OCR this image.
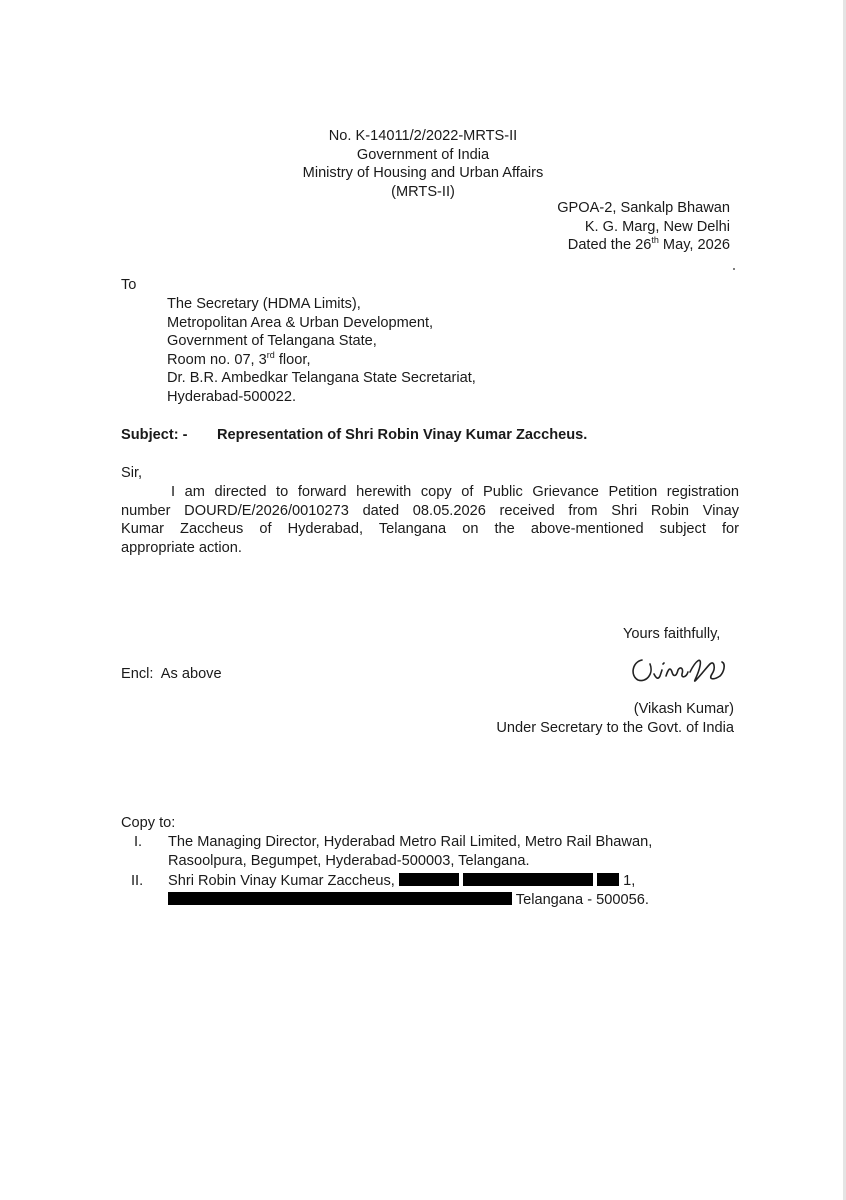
No. K-14011/2/2022-MRTS-II
Government of India
Ministry of Housing and Urban Affairs
(MRTS-II)
GPOA-2, Sankalp Bhawan
K. G. Marg, New Delhi
Dated the 26th May, 2026
To
The Secretary (HDMA Limits),
Metropolitan Area & Urban Development,
Government of Telangana State,
Room no. 07, 3rd floor,
Dr. B.R. Ambedkar Telangana State Secretariat,
Hyderabad-500022.
Subject: - Representation of Shri Robin Vinay Kumar Zaccheus.
Sir,
I am directed to forward herewith copy of Public Grievance Petition registration
number DOURD/E/2026/0010273 dated 08.05.2026 received from Shri Robin Vinay
Kumar Zaccheus of Hyderabad, Telangana on the above-mentioned subject for
appropriate action.
Yours faithfully,
Encl:  As above
(Vikash Kumar)
Under Secretary to the Govt. of India
Copy to:
I. The Managing Director, Hyderabad Metro Rail Limited, Metro Rail Bhawan,
Rasoolpura, Begumpet, Hyderabad-500003, Telangana.
II. Shri Robin Vinay Kumar Zaccheus,	1,
Telangana - 500056.
